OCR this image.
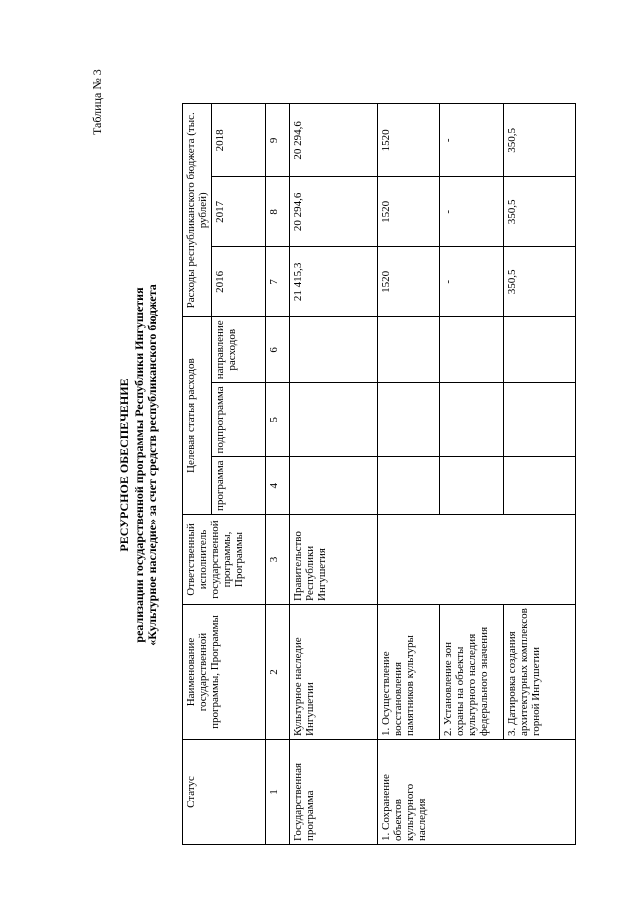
Таблица № 3
РЕСУРСНОЕ ОБЕСПЕЧЕНИЕ реализации государственной программы Республики Ингушетия «Культурное наследие» за счет средств республиканского бюджета
Статус	Наименование государственной программы, Программы	Ответственный исполнитель государственной программы, Программы	Целевая статья расходов			Расходы республиканского бюджета (тыс. рублей)		
			программа	подпрограмма	направление расходов	2016	2017	2018
1	2	3	4	5	6	7	8	9
Государственная программа	Культурное наследие Ингушетии	Правительство Республики Ингушетия				21 415,3	20 294,6	20 294,6
1. Сохранение объектов культурного наследия	1. Осуществление восстановления памятников культуры					1520	1520	1520
	2. Установление зон охраны на объекты культурного наследия федерального значения					-	-	-
	3. Датировка создания архитектурных комплексов горной Ингушетии					350,5	350,5	350,5
